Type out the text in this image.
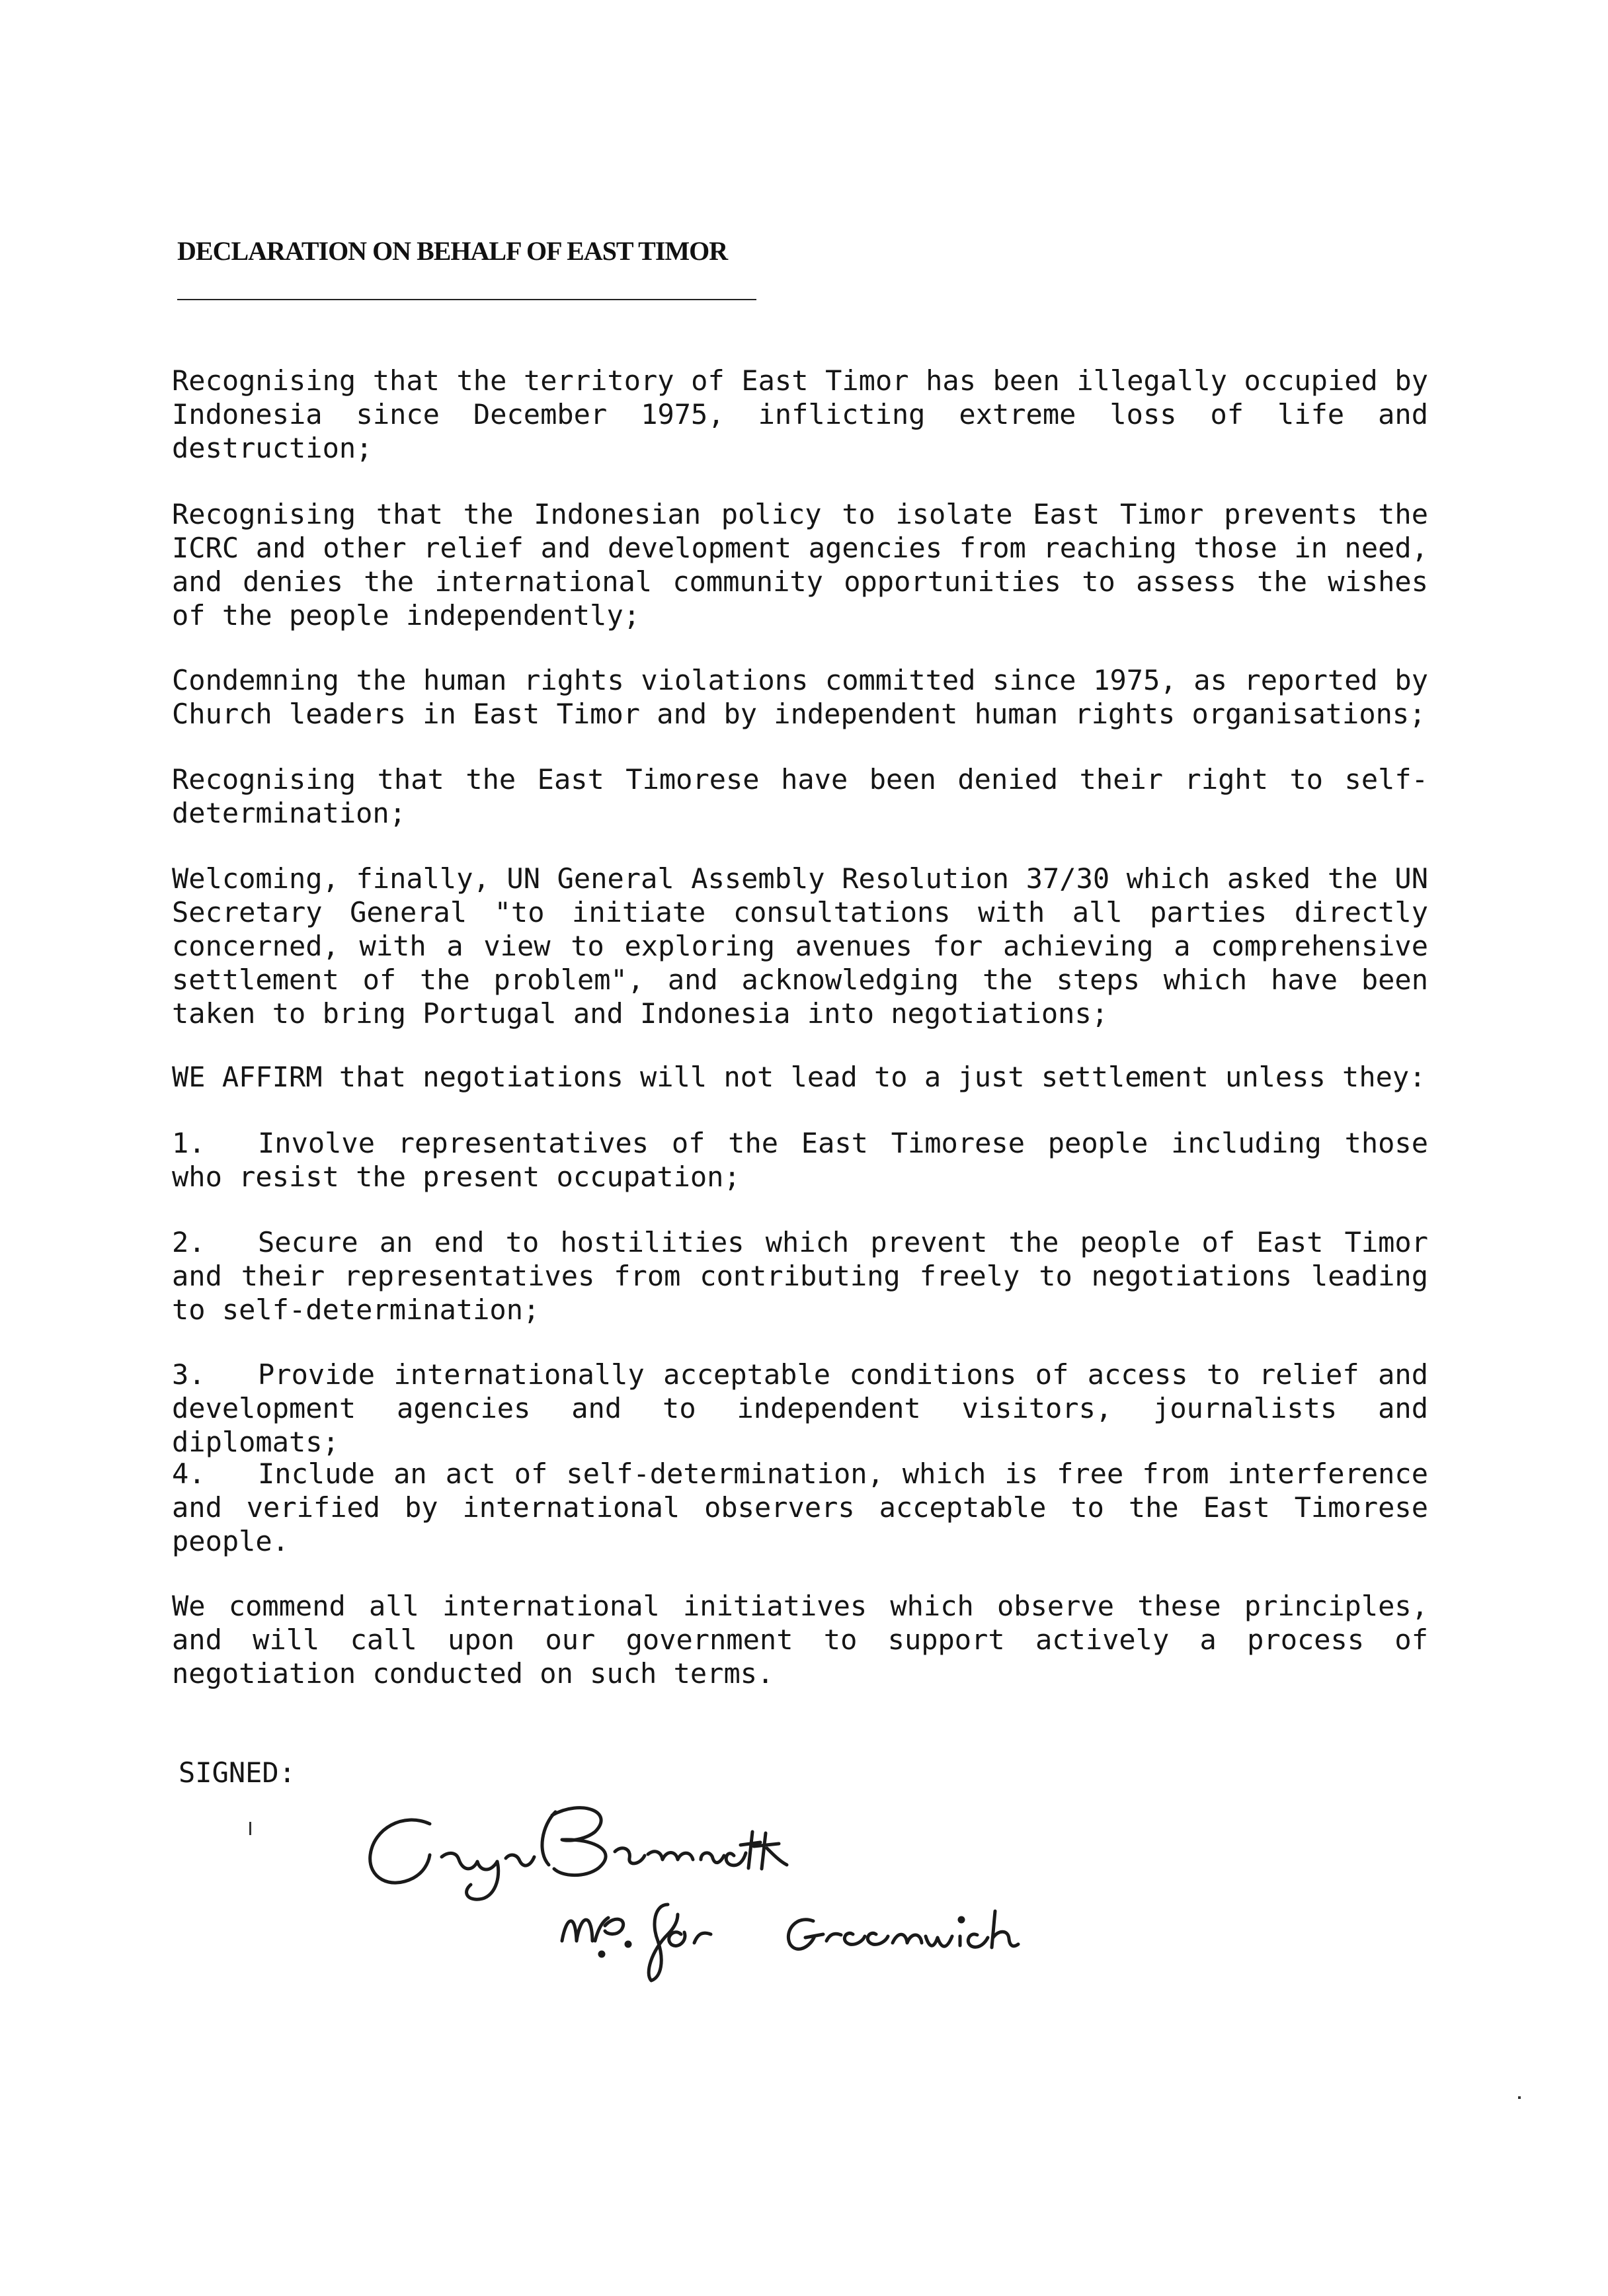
DECLARATION ON BEHALF OF EAST TIMOR

Recognising that the territory of East Timor has been illegally occupied by Indonesia since December 1975, inflicting extreme loss of life and destruction;

Recognising that the Indonesian policy to isolate East Timor prevents the ICRC and other relief and development agencies from reaching those in need, and denies the international community opportunities to assess the wishes of the people independently;

Condemning the human rights violations committed since 1975, as reported by Church leaders in East Timor and by independent human rights organisations;

Recognising that the East Timorese have been denied their right to self-determination;

Welcoming, finally, UN General Assembly Resolution 37/30 which asked the UN Secretary General "to initiate consultations with all parties directly concerned, with a view to exploring avenues for achieving a comprehensive settlement of the problem", and acknowledging the steps which have been taken to bring Portugal and Indonesia into negotiations;

WE AFFIRM that negotiations will not lead to a just settlement unless they:

1. Involve representatives of the East Timorese people including those who resist the present occupation;

2. Secure an end to hostilities which prevent the people of East Timor and their representatives from contributing freely to negotiations leading to self-determination;

3. Provide internationally acceptable conditions of access to relief and development agencies and to independent visitors, journalists and diplomats;

4. Include an act of self-determination, which is free from interference and verified by international observers acceptable to the East Timorese people.

We commend all international initiatives which observe these principles, and will call upon our government to support actively a process of negotiation conducted on such terms.

SIGNED:
